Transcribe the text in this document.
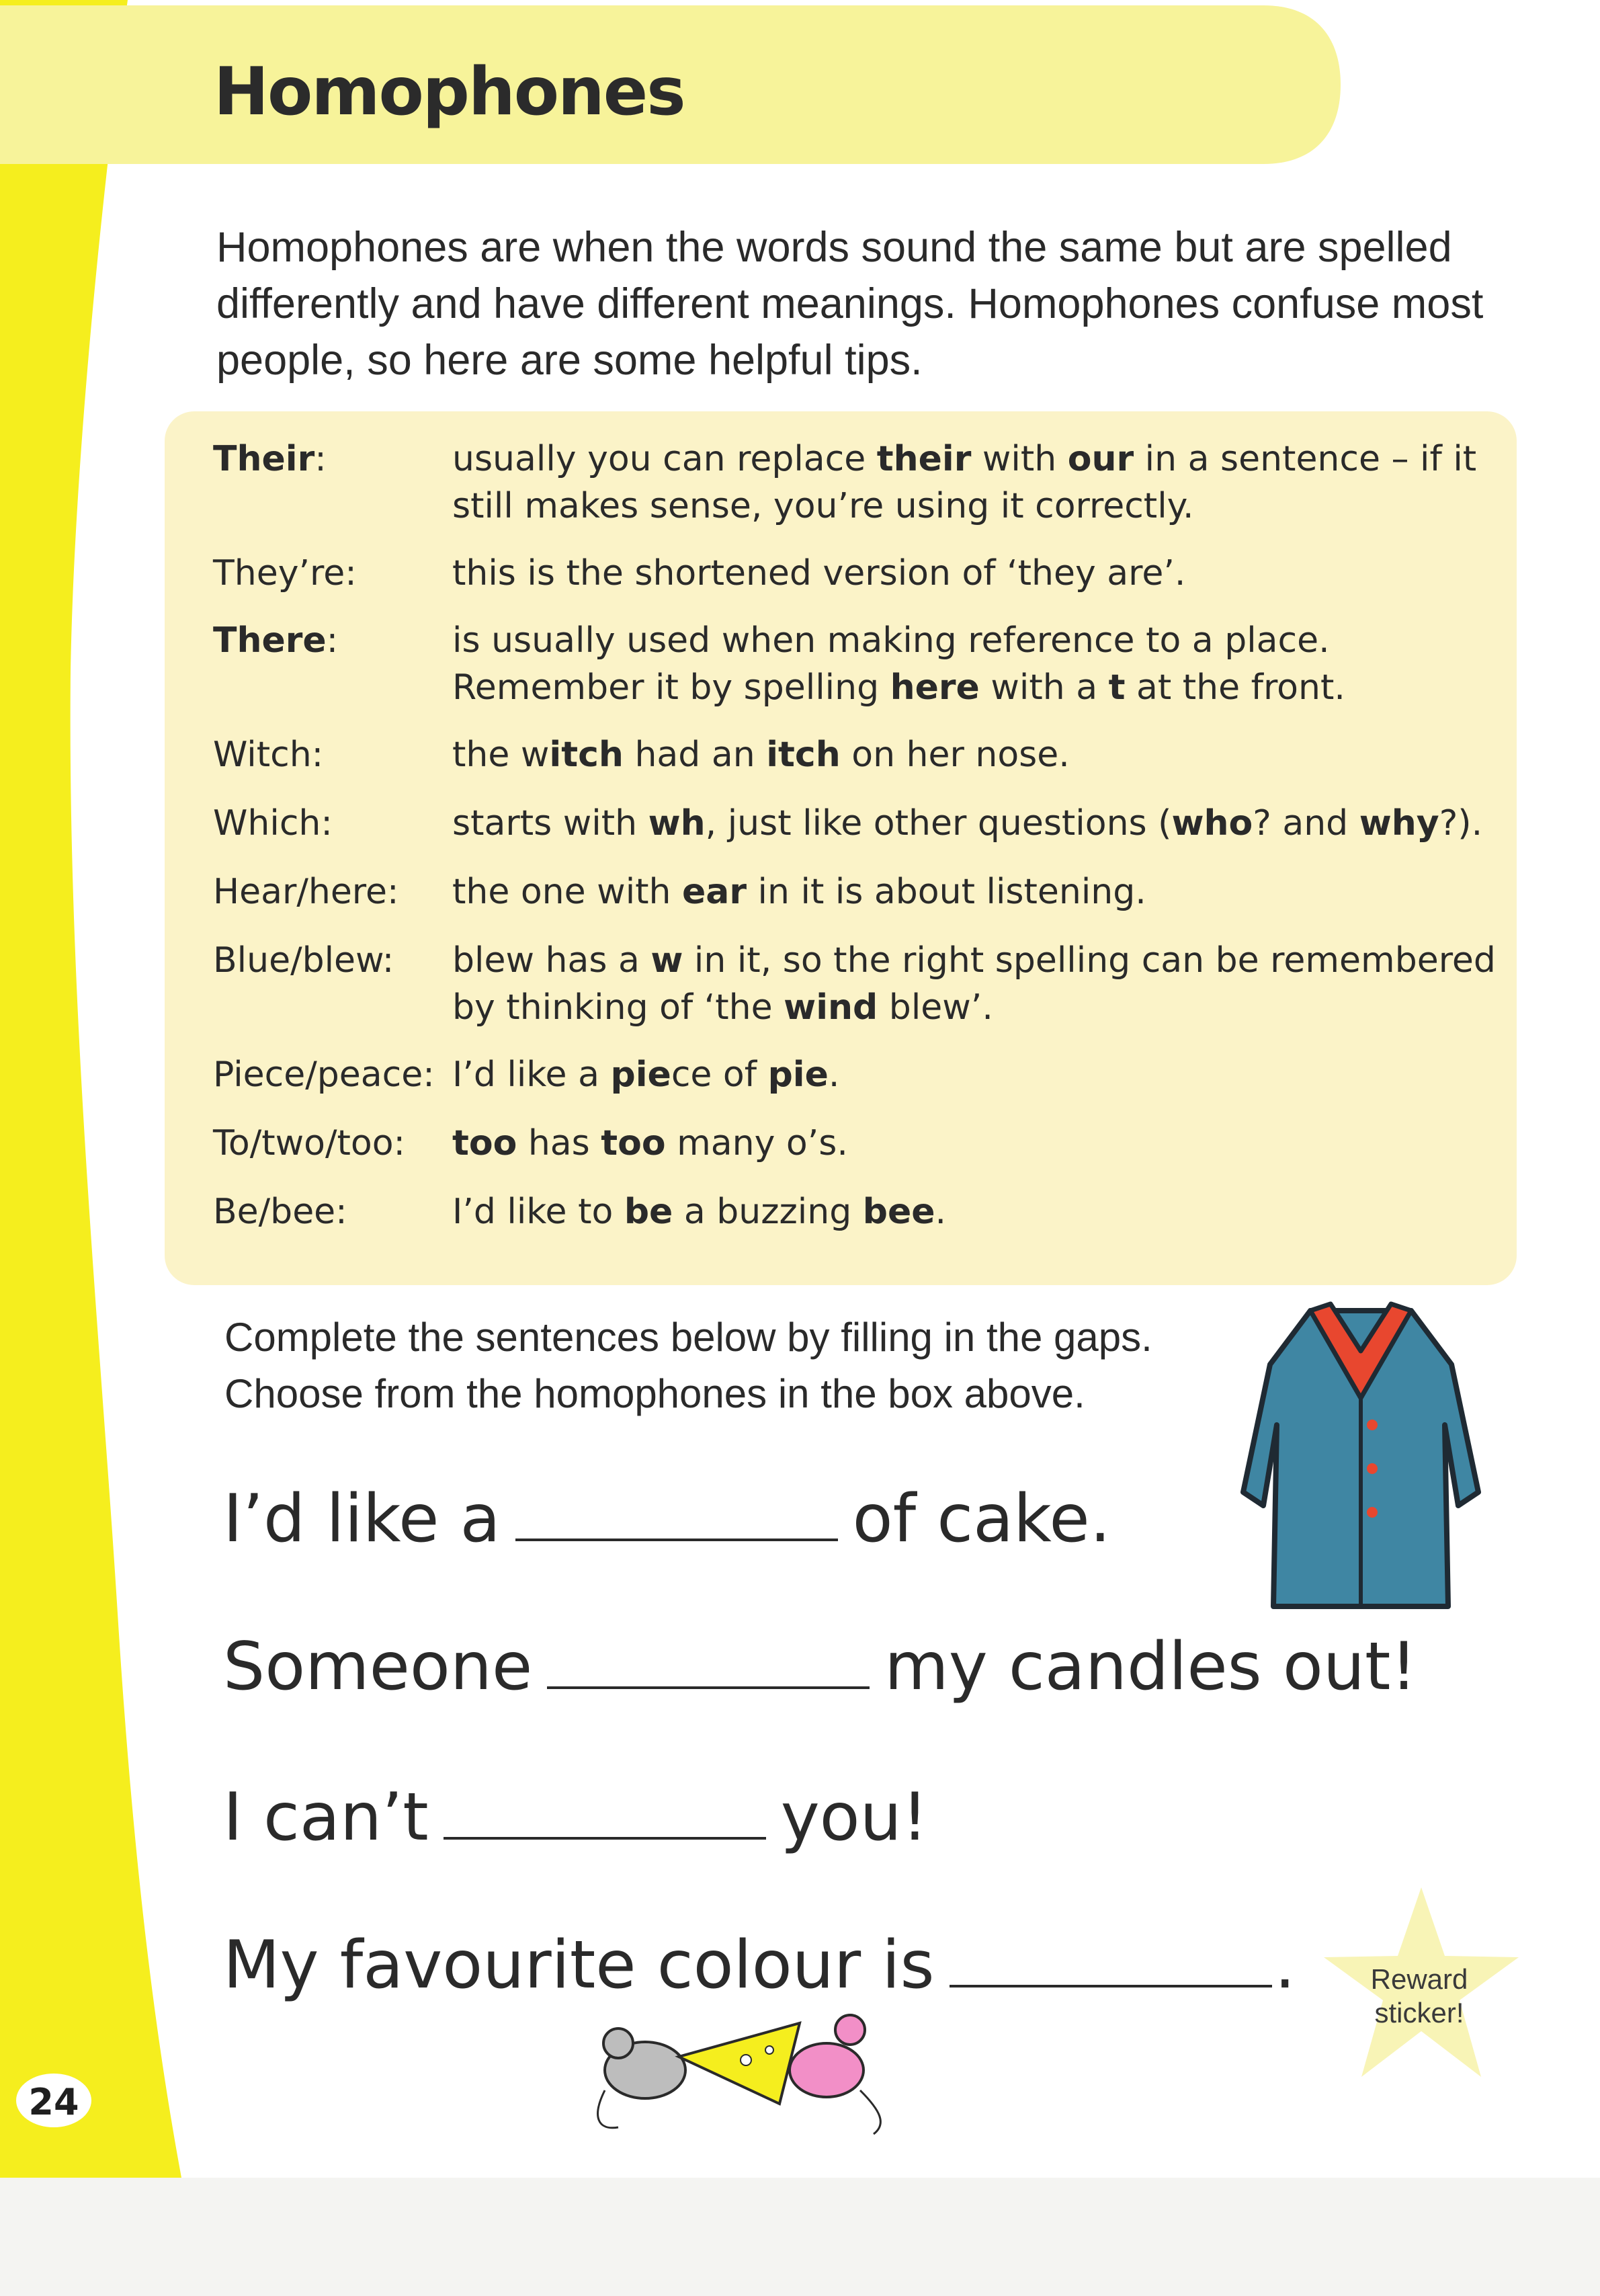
Homophones
Homophones are when the words sound the same but are spelled
differently and have different meanings. Homophones confuse most
people, so here are some helpful tips.
Their:	usually you can replace their with our in a sentence – if it
still makes sense, you’re using it correctly.
They’re:	this is the shortened version of ‘they are’.
There:	is usually used when making reference to a place.
Remember it by spelling here with a t at the front.
Witch:	the witch had an itch on her nose.
Which:	starts with wh, just like other questions (who? and why?).
Hear/here:	the one with ear in it is about listening.
Blue/blew:	blew has a w in it, so the right spelling can be remembered
by thinking of ‘the wind blew’.
Piece/peace: I’d like a piece of pie.
To/two/too:	too has too many o’s.
Be/bee:	I’d like to be a buzzing bee.
Complete the sentences below by filling in the gaps.
Choose from the homophones in the box above.
I’d like a	of cake.
Someone	my candles out!
I can’t	you!
My favourite colour is	.	Reward
sticker!
24
